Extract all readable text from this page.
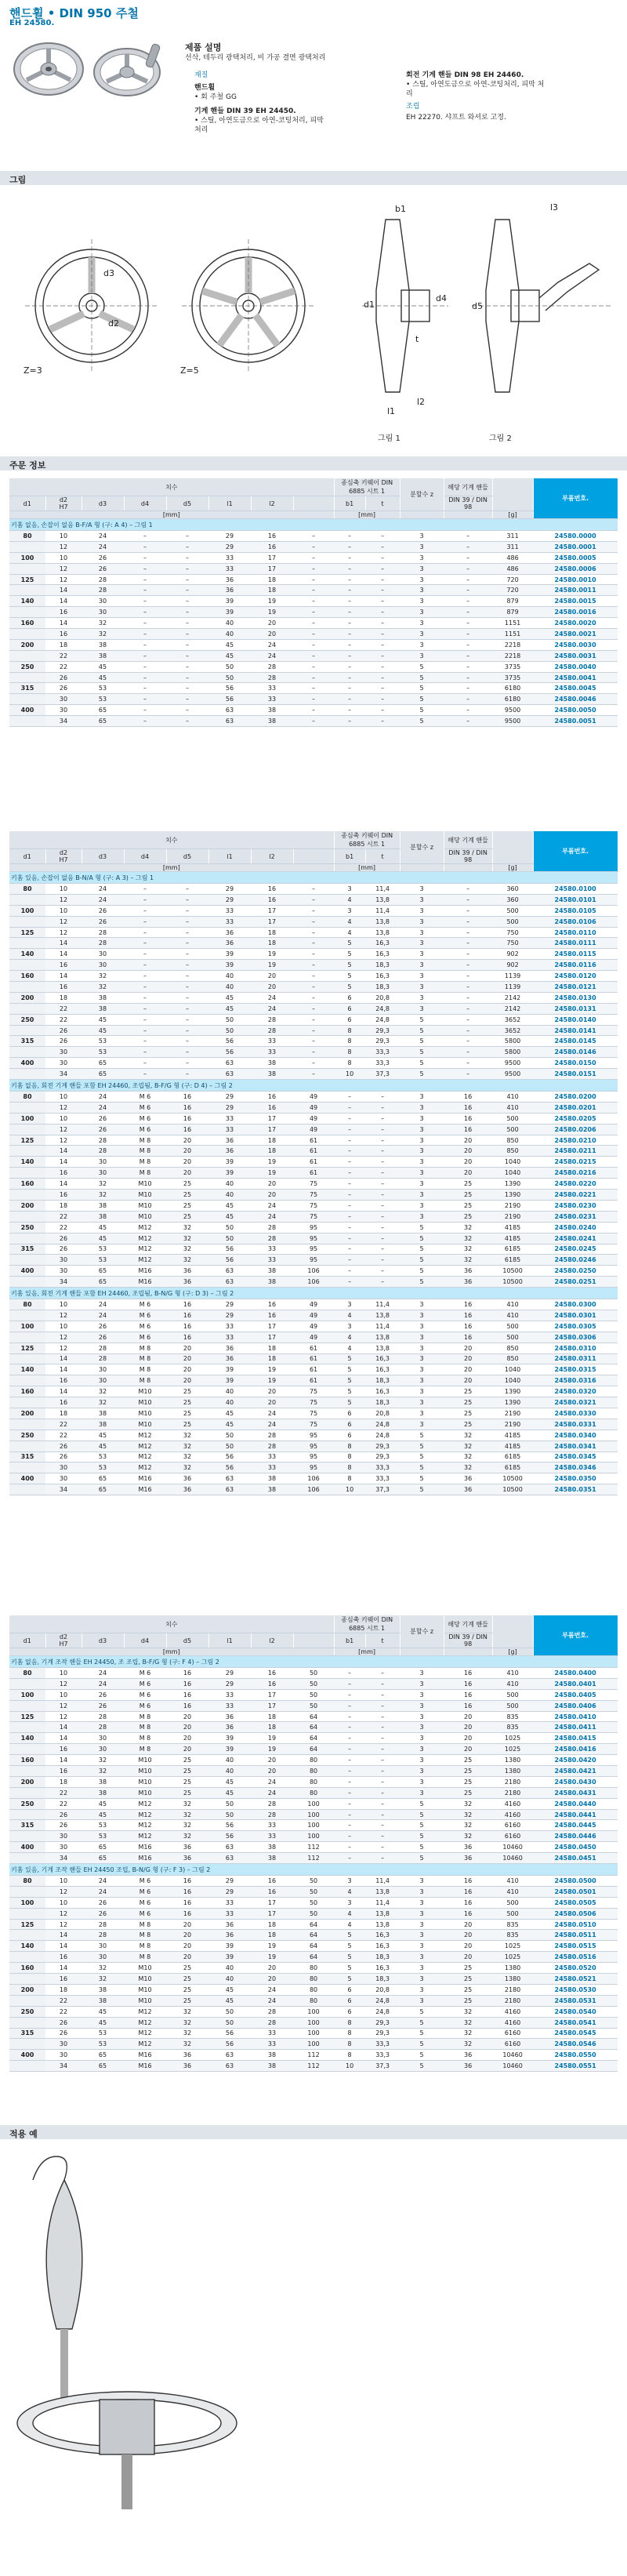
핸드휠 • DIN 950 주철
EH 24580.
제품 설명
선삭, 테두리 광택처리, 비 가공 결면 광택처리
재질
핸드휠
• 회 주철 GG
기계 핸들 DIN 39 EH 24450.
• 스틸, 아연도금으로 아연-코팅처리, 피막 처리
회전 기계 핸들 DIN 98 EH 24460.
• 스틸, 아연도금으로 아연-코팅처리, 피막 처리
조립
EH 22270. 샤프트 와셔로 고정.
그림
Z=3	Z=5
d3
d2
d1
b1
l1
l2
l3
d4
d5
t
그림 1	그림 2
주문 정보
치수								종심축 키웨이 DIN 6885 시트 1		분할수 z	해당 기계 핸들		부품번호.
d1	d2
H7	d3	d4	d5	l1	l2		b1	t		DIN 39 / DIN 98		
[mm]								[mm]				[g]	
키홈 없음, 손잡이 없음 B-F/A 형 (구: A 4) – 그림 1													
80	10	24	–	–	29	16	–	–	–	3	–	311	24580.0000
	12	24	–	–	29	16	–	–	–	3	–	311	24580.0001
100	10	26	–	–	33	17	–	–	–	3	–	486	24580.0005
	12	26	–	–	33	17	–	–	–	3	–	486	24580.0006
125	12	28	–	–	36	18	–	–	–	3	–	720	24580.0010
	14	28	–	–	36	18	–	–	–	3	–	720	24580.0011
140	14	30	–	–	39	19	–	–	–	3	–	879	24580.0015
	16	30	–	–	39	19	–	–	–	3	–	879	24580.0016
160	14	32	–	–	40	20	–	–	–	3	–	1151	24580.0020
	16	32	–	–	40	20	–	–	–	3	–	1151	24580.0021
200	18	38	–	–	45	24	–	–	–	3	–	2218	24580.0030
	22	38	–	–	45	24	–	–	–	3	–	2218	24580.0031
250	22	45	–	–	50	28	–	–	–	5	–	3735	24580.0040
	26	45	–	–	50	28	–	–	–	5	–	3735	24580.0041
315	26	53	–	–	56	33	–	–	–	5	–	6180	24580.0045
	30	53	–	–	56	33	–	–	–	5	–	6180	24580.0046
400	30	65	–	–	63	38	–	–	–	5	–	9500	24580.0050
	34	65	–	–	63	38	–	–	–	5	–	9500	24580.0051
치수								종심축 키웨이 DIN 6885 시트 1		분할수 z	해당 기계 핸들		부품번호.
d1	d2
H7	d3	d4	d5	l1	l2		b1	t		DIN 39 / DIN 98		
[mm]								[mm]				[g]	
키홈 있음, 손잡이 없음 B-N/A 형 (구: A 3) – 그림 1													
80	10	24	–	–	29	16	–	3	11,4	3	–	360	24580.0100
	12	24	–	–	29	16	–	4	13,8	3	–	360	24580.0101
100	10	26	–	–	33	17	–	3	11,4	3	–	500	24580.0105
	12	26	–	–	33	17	–	4	13,8	3	–	500	24580.0106
125	12	28	–	–	36	18	–	4	13,8	3	–	750	24580.0110
	14	28	–	–	36	18	–	5	16,3	3	–	750	24580.0111
140	14	30	–	–	39	19	–	5	16,3	3	–	902	24580.0115
	16	30	–	–	39	19	–	5	18,3	3	–	902	24580.0116
160	14	32	–	–	40	20	–	5	16,3	3	–	1139	24580.0120
	16	32	–	–	40	20	–	5	18,3	3	–	1139	24580.0121
200	18	38	–	–	45	24	–	6	20,8	3	–	2142	24580.0130
	22	38	–	–	45	24	–	6	24,8	3	–	2142	24580.0131
250	22	45	–	–	50	28	–	6	24,8	5	–	3652	24580.0140
	26	45	–	–	50	28	–	8	29,3	5	–	3652	24580.0141
315	26	53	–	–	56	33	–	8	29,3	5	–	5800	24580.0145
	30	53	–	–	56	33	–	8	33,3	5	–	5800	24580.0146
400	30	65	–	–	63	38	–	8	33,3	5	–	9500	24580.0150
	34	65	–	–	63	38	–	10	37,3	5	–	9500	24580.0151
키홈 없음, 회전 기계 핸들 포함 EH 24460, 조립됨, B-F/G 형 (구: D 4) – 그림 2													
80	10	24	M 6	16	29	16	49	–	–	3	16	410	24580.0200
	12	24	M 6	16	29	16	49	–	–	3	16	410	24580.0201
100	10	26	M 6	16	33	17	49	–	–	3	16	500	24580.0205
	12	26	M 6	16	33	17	49	–	–	3	16	500	24580.0206
125	12	28	M 8	20	36	18	61	–	–	3	20	850	24580.0210
	14	28	M 8	20	36	18	61	–	–	3	20	850	24580.0211
140	14	30	M 8	20	39	19	61	–	–	3	20	1040	24580.0215
	16	30	M 8	20	39	19	61	–	–	3	20	1040	24580.0216
160	14	32	M10	25	40	20	75	–	–	3	25	1390	24580.0220
	16	32	M10	25	40	20	75	–	–	3	25	1390	24580.0221
200	18	38	M10	25	45	24	75	–	–	3	25	2190	24580.0230
	22	38	M10	25	45	24	75	–	–	3	25	2190	24580.0231
250	22	45	M12	32	50	28	95	–	–	5	32	4185	24580.0240
	26	45	M12	32	50	28	95	–	–	5	32	4185	24580.0241
315	26	53	M12	32	56	33	95	–	–	5	32	6185	24580.0245
	30	53	M12	32	56	33	95	–	–	5	32	6185	24580.0246
400	30	65	M16	36	63	38	106	–	–	5	36	10500	24580.0250
	34	65	M16	36	63	38	106	–	–	5	36	10500	24580.0251
키홈 있음, 회전 기계 핸들 포함 EH 24460, 조립됨, B-N/G 형 (구: D 3) – 그림 2													
80	10	24	M 6	16	29	16	49	3	11,4	3	16	410	24580.0300
	12	24	M 6	16	29	16	49	4	13,8	3	16	410	24580.0301
100	10	26	M 6	16	33	17	49	3	11,4	3	16	500	24580.0305
	12	26	M 6	16	33	17	49	4	13,8	3	16	500	24580.0306
125	12	28	M 8	20	36	18	61	4	13,8	3	20	850	24580.0310
	14	28	M 8	20	36	18	61	5	16,3	3	20	850	24580.0311
140	14	30	M 8	20	39	19	61	5	16,3	3	20	1040	24580.0315
	16	30	M 8	20	39	19	61	5	18,3	3	20	1040	24580.0316
160	14	32	M10	25	40	20	75	5	16,3	3	25	1390	24580.0320
	16	32	M10	25	40	20	75	5	18,3	3	25	1390	24580.0321
200	18	38	M10	25	45	24	75	6	20,8	3	25	2190	24580.0330
	22	38	M10	25	45	24	75	6	24,8	3	25	2190	24580.0331
250	22	45	M12	32	50	28	95	6	24,8	5	32	4185	24580.0340
	26	45	M12	32	50	28	95	8	29,3	5	32	4185	24580.0341
315	26	53	M12	32	56	33	95	8	29,3	5	32	6185	24580.0345
	30	53	M12	32	56	33	95	8	33,3	5	32	6185	24580.0346
400	30	65	M16	36	63	38	106	8	33,3	5	36	10500	24580.0350
	34	65	M16	36	63	38	106	10	37,3	5	36	10500	24580.0351
치수								종심축 키웨이 DIN 6885 시트 1		분할수 z	해당 기계 핸들		부품번호.
d1	d2
H7	d3	d4	d5	l1	l2		b1	t		DIN 39 / DIN 98		
[mm]								[mm]				[g]	
키홈 없음, 기계 조작 핸들 EH 24450, 조 조립, B-F/G 형 (구: F 4) – 그림 2													
80	10	24	M 6	16	29	16	50	–	–	3	16	410	24580.0400
	12	24	M 6	16	29	16	50	–	–	3	16	410	24580.0401
100	10	26	M 6	16	33	17	50	–	–	3	16	500	24580.0405
	12	26	M 6	16	33	17	50	–	–	3	16	500	24580.0406
125	12	28	M 8	20	36	18	64	–	–	3	20	835	24580.0410
	14	28	M 8	20	36	18	64	–	–	3	20	835	24580.0411
140	14	30	M 8	20	39	19	64	–	–	3	20	1025	24580.0415
	16	30	M 8	20	39	19	64	–	–	3	20	1025	24580.0416
160	14	32	M10	25	40	20	80	–	–	3	25	1380	24580.0420
	16	32	M10	25	40	20	80	–	–	3	25	1380	24580.0421
200	18	38	M10	25	45	24	80	–	–	3	25	2180	24580.0430
	22	38	M10	25	45	24	80	–	–	3	25	2180	24580.0431
250	22	45	M12	32	50	28	100	–	–	5	32	4160	24580.0440
	26	45	M12	32	50	28	100	–	–	5	32	4160	24580.0441
315	26	53	M12	32	56	33	100	–	–	5	32	6160	24580.0445
	30	53	M12	32	56	33	100	–	–	5	32	6160	24580.0446
400	30	65	M16	36	63	38	112	–	–	5	36	10460	24580.0450
	34	65	M16	36	63	38	112	–	–	5	36	10460	24580.0451
키홈 있음, 기계 조작 핸들 EH 24450 조립, B-N/G 형 (구: F 3) – 그림 2													
80	10	24	M 6	16	29	16	50	3	11,4	3	16	410	24580.0500
	12	24	M 6	16	29	16	50	4	13,8	3	16	410	24580.0501
100	10	26	M 6	16	33	17	50	3	11,4	3	16	500	24580.0505
	12	26	M 6	16	33	17	50	4	13,8	3	16	500	24580.0506
125	12	28	M 8	20	36	18	64	4	13,8	3	20	835	24580.0510
	14	28	M 8	20	36	18	64	5	16,3	3	20	835	24580.0511
140	14	30	M 8	20	39	19	64	5	16,3	3	20	1025	24580.0515
	16	30	M 8	20	39	19	64	5	18,3	3	20	1025	24580.0516
160	14	32	M10	25	40	20	80	5	16,3	3	25	1380	24580.0520
	16	32	M10	25	40	20	80	5	18,3	3	25	1380	24580.0521
200	18	38	M10	25	45	24	80	6	20,8	3	25	2180	24580.0530
	22	38	M10	25	45	24	80	6	24,8	3	25	2180	24580.0531
250	22	45	M12	32	50	28	100	6	24,8	5	32	4160	24580.0540
	26	45	M12	32	50	28	100	8	29,3	5	32	4160	24580.0541
315	26	53	M12	32	56	33	100	8	29,3	5	32	6160	24580.0545
	30	53	M12	32	56	33	100	8	33,3	5	32	6160	24580.0546
400	30	65	M16	36	63	38	112	8	33,3	5	36	10460	24580.0550
	34	65	M16	36	63	38	112	10	37,3	5	36	10460	24580.0551
적용 예
